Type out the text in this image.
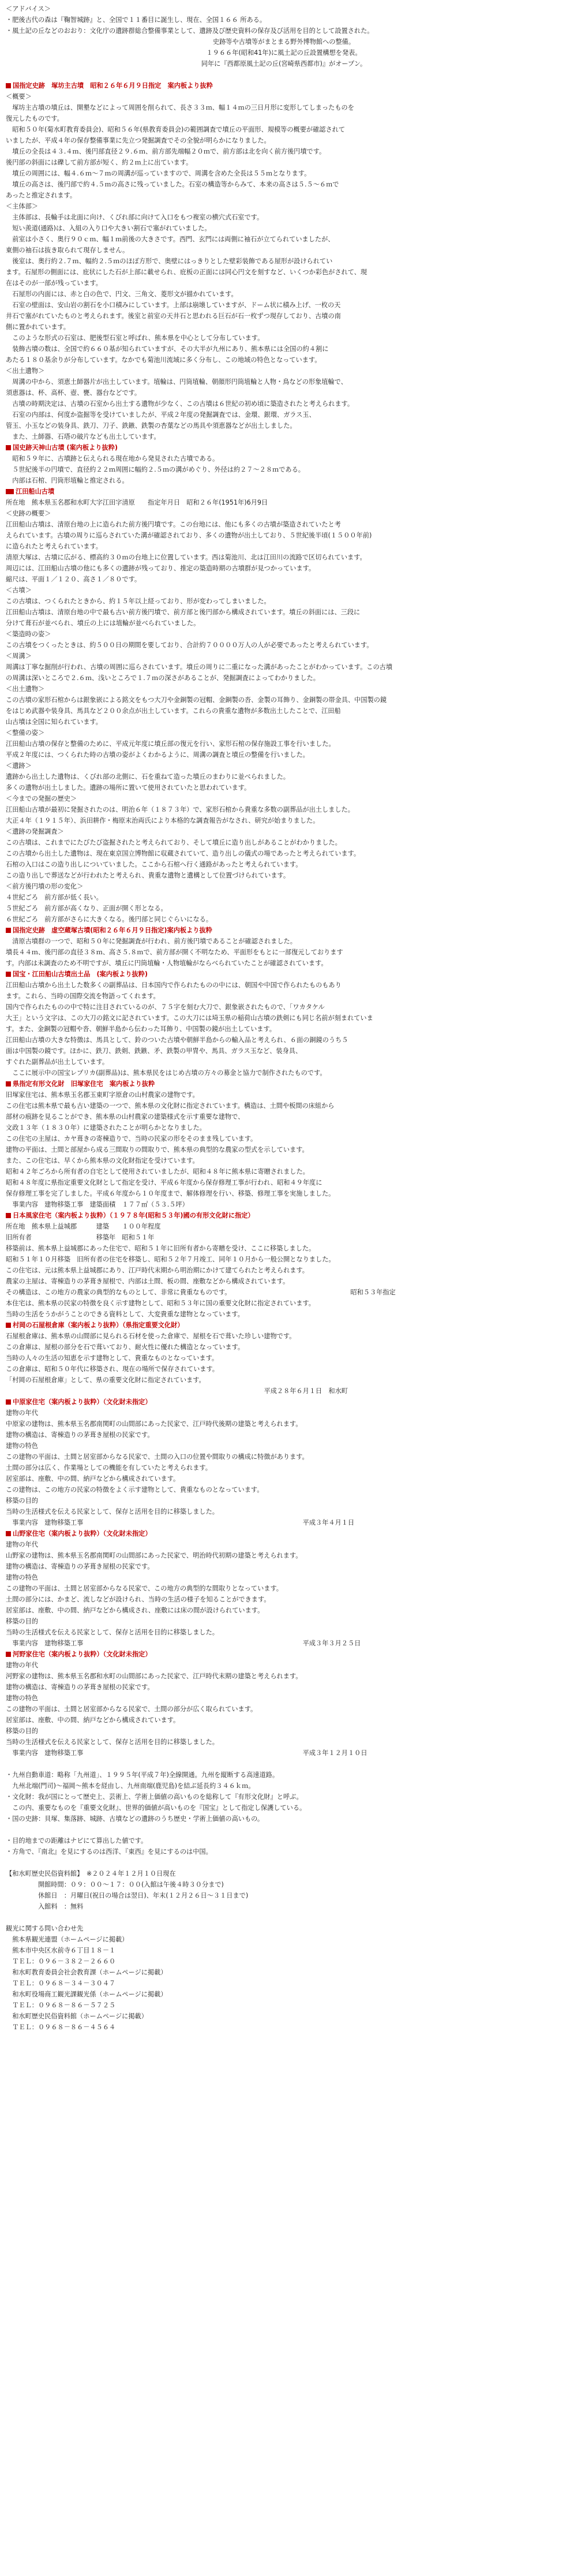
＜アドバイス＞
・肥後古代の森は『鞠智城跡』と、全国で１１番目に誕生し、現在、全国１６６ 所ある。
・風土記の丘などのおおり：文化庁の遺跡群総合整備事業として、遺跡及び歴史資料の保存及び活用を目的として設置された。
史跡等や古墳等がまとまる野外博物館への整備。
１９６６年(昭和41年)に風土記の丘設置構想を発表。
同年に『西都原風土記の丘(宮崎県西都市)』がオープン。
国指定史跡　塚坊主古墳　昭和２６年６月９日指定　案内板より抜粋
＜概要＞
　塚坊主古墳の墳丘は、開墾などによって周囲を削られて、長さ３３ｍ、幅１４ｍの三日月形に変形してしまったものを
復元したものです。
　昭和５０年(菊水町教育委員会)、昭和５６年(県教育委員会)の範囲調査で墳丘の平面形、規模等の概要が確認されて
いましたが、平成４年の保存整備事業に先立つ発掘調査でその全貌が明らかになりました。
　墳丘の全長は４３.４ｍ、後円部直径２９.６ｍ、前方部先端幅２０ｍで、前方部は北を向く前方後円墳です。
後円部の斜面には礫して前方部が短く、約２ｍ上に出ています。
　墳丘の周囲には、幅４.６ｍ～７ｍの周溝が巡っていますので、周溝を含めた全長は５５ｍとなります。
　墳丘の高さは、後円部で約４.５ｍの高さに残っていました。石室の構造等からみて、本来の高さは５.５～６ｍで
あったと推定されます。
＜主体部＞
　主体部は、長輪手は北面に向け、くびれ部に向けて入口をもつ複室の横穴式石室です。
　短い羨道(通路)は、入組の入り口や大きい割石で塞がれていました。
　前室は小さく、奥行９０ｃｍ、幅１ｍ前後の大きさです。西門、玄門には両側に袖石が立てられていましたが、
東側の袖石は抜き取られて現存しません。
　後室は、奥行約２.７ｍ、幅約２.５ｍのほぼ方形で、奥壁にはっきりとした壁彩装飾である屋形が設けられてい
ます。石屋形の側面には、庇状にした石が上部に載せられ、庇板の正面には同心円文を刻すなど、いくつか彩色がされて、現
在はそのが一部が残っています。
　石屋形の内面には、赤と白の色で、円文、三角文、菱形文が描かれています。
　石室の壁面は、安山岩の割石を小口積みにしています。上部は崩壊していますが、ドーム状に積み上げ、一枚の天
井石で塞がれていたものと考えられます。後室と前室の天井石と思われる巨石が石一枚ずつ現存しており、古墳の南
側に置かれています。
　このような形式の石室は、肥後型石室と呼ばれ、熊本県を中心として分布しています。
　装飾古墳の数は、全国で約６６０基が知られていますが、その大半が九州にあり、熊本県には全国の約４割に
あたる１８０基余りが分布しています。なかでも菊池川流域に多く分布し、この地域の特色となっています。
＜出土遺物＞
　周溝の中から、須恵土師器片が出土しています。埴輪は、円筒埴輪、朝顔形円筒埴輪と人物・鳥などの形象埴輪で、
須恵器は、杯、高杯、壺、甕、器台などです。
　古墳の時期決定は、古墳の石室から出土する遺物が少なく、この古墳は６世紀の初め頃に築造されたと考えられます。
　石室の内部は、何度か盗掘等を受けていましたが、平成２年度の発掘調査では、金環、銀環、ガラス玉、
管玉、小玉などの装身具、鉄刀、刀子、鉄鏃、鉄製の杏葉などの馬具や須恵器などが出土しました。
　また、土師器、石塔の破片なども出土しています。
国史跡天神山古墳 (案内板より抜粋)
　昭和５９年に、古墳跡と伝えられる現在地から発見された古墳である。
　５世紀後半の円墳で、直径約２２ｍ周囲に幅約２.５ｍの溝がめぐり、外径は約２７～２８ｍである。
　内部は石棺、円筒形埴輪と推定される。
江田船山古墳
所在地　熊本県玉名郡和水町大字江田字清原　　指定年月日　昭和２６年(1951年)6月9日
＜史跡の概要＞
江田船山古墳は、清原台地の上に造られた前方後円墳です。この台地には、他にも多くの古墳が築造されていたと考
えられています。古墳の周りに巡らされていた溝が確認されており、多くの遺物が出土しており、５世紀後半頃(１５００年前)
に造られたと考えられています。
清原大塚は、古墳に広がる、標高約３０ｍの台地上に位置しています。西は菊池川、北は江田川の流路で区切られています。
周辺には、江田船山古墳の他にも多くの遺跡が残っており、推定の築造時期の古墳群が見つかっています。
縮尺は、平面１／１２０、高さ１／８０です。
＜古墳＞
この古墳は、つくられたときから、約１５年以上経っており、形が変わってしまいました。
江田船山古墳は、清原台地の中で最も古い前方後円墳で、前方部と後円部から構成されています。墳丘の斜面には、三段に
分けて葺石が並べられ、墳丘の上には埴輪が並べられていました。
＜築造時の姿＞
この古墳をつくったときは、約５００日の期間を要しており、合計約７００００万人の人が必要であったと考えられています。
＜周溝＞
周溝は丁寧な掘削が行われ、古墳の周囲に巡らされています。墳丘の周りに二重になった溝があったことがわかっています。この古墳
の周溝は深いところで２.６ｍ、浅いところで１.７ｍの深さがあることが、発掘調査によってわかりました。
＜出土遺物＞
この古墳の家形石棺からは銀象嵌による銘文をもつ大刀や金銅製の冠帽、金銅製の沓、金製の耳飾り、金銅製の帯金具、中国製の鏡
をはじめ武器や装身具、馬具など２００余点が出土しています。これらの貴重な遺物が多数出土したことで、江田船
山古墳は全国に知られています。
＜整備の姿＞
江田船山古墳の保存と整備のために、平成元年度に墳丘部の復元を行い、家形石棺の保存施設工事を行いました。
平成２年度には、つくられた時の古墳の姿がよくわかるように、周溝の調査と墳丘の整備を行いました。
＜遺跡＞
遺跡から出土した遺物は、くびれ部の北側に、石を重ねて造った墳丘のまわりに並べられました。
多くの遺物が出土しました。遺跡の場所に置いて使用されていたと思われています。
＜今までの発掘の歴史＞
江田船山古墳が最初に発掘されたのは、明治６年（１８７３年）で、家形石棺から貴重な多数の副葬品が出土しました。
大正４年（１９１５年）、浜田耕作・梅原末治両氏により本格的な調査報告がなされ、研究が始まりました。
＜遺跡の発掘調査＞
この古墳は、これまでにたびたび盗掘されたと考えられており、そして墳丘に造り出しがあることがわかりました。
この古墳から出土した遺物は、現在東京国立博物館に収蔵されていて、造り出しの儀式の場であったと考えられています。
石棺の入口はこの造り出しについていました。ここから石棺へ行く通路があったと考えられています。
この造り出しで葬送などが行われたと考えられ、貴重な遺物と遺構として位置づけられています。
＜前方後円墳の形の変化＞
４世紀ごろ　前方部が低く長い。
５世紀ごろ　前方部が高くなり、正面が開く形となる。
６世紀ごろ　前方部がさらに大きくなる。後円部と同じぐらいになる。
国指定史跡　虚空蔵塚古墳(昭和２６年６月９日指定)案内板より抜粋
　清原古墳群の一つで、昭和５０年に発掘調査が行われ、前方後円墳であることが確認されました。
墳長４４ｍ、後円部の直径３８ｍ、高さ５.８ｍで、前方部が開く不明なため、平面形をもとに一部復元しております
す。内部は未調査のため不明ですが、墳丘に円筒埴輪・人物埴輪がならべられていたことが確認されています。
国宝・江田船山古墳出土品　(案内板より抜粋)
江田船山古墳から出土した数多くの副葬品は、日本国内で作られたものの中には、朝国や中国で作られたものもあり
ます。これら、当時の国際交流を物語ってくれます。
国内で作られたものの中で特に注目されているのが、７５字を刻む大刀で、銀象嵌されたもので、「ワカタケル
大王」という文字は、この大刀の銘文に記されています。この大刀には埼玉県の稲荷山古墳の鉄剣にも同じ名前が刻まれていま
す。また、金銅製の冠帽や沓、朝鮮半島から伝わった耳飾り、中国製の鏡が出土しています。
江田船山古墳の大きな特徴は、馬具として、鈴のついた古墳や朝鮮半島からの輸入品と考えられ、６面の銅鏡のうち５
面は中国製の鏡です。ほかに、鉄刀、鉄剣、鉄鏃、矛、鉄製の甲冑や、馬具、ガラス玉など、装身具、
すぐれた副葬品が出土しています。
　ここに展示中の国宝レプリカ(副葬品)は、熊本県民をはじめ古墳の方々の募金と協力で制作されたものです。
県指定有形文化財　旧塚家住宅　案内板より抜粋
旧塚家住宅は、熊本県玉名郡玉東町字原倉の山村農家の建物です。
この住宅は熊本県で最も古い建築の一つで、熊本県の文化財に指定されています。構造は、土間や板間の床組から
部材の痕跡を見ることができ、熊本県の山村農家の建築様式を示す重要な建物で、
文政１３年（１８３０年）に建築されたことが明らかとなりました。
この住宅の主屋は、カヤ葺きの寄棟造りで、当時の民家の形をそのまま残しています。
建物の平面は、土間と部屋から成る三間取りの間取りで、熊本県の典型的な農家の型式を示しています。
また、この住宅は、早くから熊本県の文化財指定を受けています。
昭和４２年ごろから所有者の自宅として使用されていましたが、昭和４８年に熊本県に寄贈されました。
昭和４８年度に県指定重要文化財として指定を受け、平成６年度から保存修理工事が行われ、昭和４９年度に
保存修理工事を完了しました。平成６年度から１０年度まで、解体修理を行い、移築、修理工事を実施しました。
　事業内容　建物移築工事　建築面積　１７７㎡（５３.５坪）
日本風家住宅（案内板より抜粋）（１９７８年(昭和５３年)國の有形文化財に指定）
所在地　熊本県上益城郡　　　建築　　１００年程度
旧所有者　　　　　　　　　　移築年　昭和５１年
移築前は、熊本県上益城郡にあった住宅で、昭和５１年に旧所有者から寄贈を受け、ここに移築しました。
昭和５１年１０月移築　旧所有者の住宅を移築し、昭和５２年７月竣工、同年１０月から一般公開となりました。
この住宅は、元は熊本県上益城郡にあり、江戸時代末期から明治期にかけて建てられたと考えられます。
農家の主屋は、寄棟造りの茅葺き屋根で、内部は土間、板の間、座敷などから構成されています。
その構造は、この地方の農家の典型的なものとして、非常に貴重なものです。　　　　　　　　　　　　　　　　　　　昭和５３年指定
本住宅は、熊本県の民家の特徴を良く示す建物として、昭和５３年に国の重要文化財に指定されています。
当時の生活をうかがうことのできる資料として、大変貴重な建物となっています。
村岡の石屋根倉庫（案内板より抜粋）（県指定重要文化財）
石屋根倉庫は、熊本県の山間部に見られる石材を使った倉庫で、屋根を石で葺いた珍しい建物です。
この倉庫は、屋根の部分を石で葺いており、耐火性に優れた構造となっています。
当時の人々の生活の知恵を示す建物として、貴重なものとなっています。
この倉庫は、昭和５０年代に移築され、現在の場所で保存されています。
「村岡の石屋根倉庫」として、県の重要文化財に指定されています。
　　　　　　　　　　　　　　　　　　　　　　　　　　　　　　　　　　　　　　　　平成２８年６月１日　和水町
中原家住宅（案内板より抜粋）（文化財未指定）
建物の年代
中原家の建物は、熊本県玉名郡南関町の山間部にあった民家で、江戸時代後期の建築と考えられます。
建物の構造は、寄棟造りの茅葺き屋根の民家です。
建物の特色
この建物の平面は、土間と居室部からなる民家で、土間の入口の位置や間取りの構成に特徴があります。
土間の部分は広く、作業場としての機能を有していたと考えられます。
居室部は、座敷、中の間、納戸などから構成されています。
この建物は、この地方の民家の特徴をよく示す建物として、貴重なものとなっています。
移築の目的
当時の生活様式を伝える民家として、保存と活用を目的に移築しました。
　事業内容　建物移築工事　　　　　　　　　　　　　　　　　　　　　　　　　　　　　　　　　　平成３年４月１日
山野家住宅（案内板より抜粋）（文化財未指定）
建物の年代
山野家の建物は、熊本県玉名郡南関町の山間部にあった民家で、明治時代初期の建築と考えられます。
建物の構造は、寄棟造りの茅葺き屋根の民家です。
建物の特色
この建物の平面は、土間と居室部からなる民家で、この地方の典型的な間取りとなっています。
土間の部分には、かまど、流しなどが設けられ、当時の生活の様子を知ることができます。
居室部は、座敷、中の間、納戸などから構成され、座敷には床の間が設けられています。
移築の目的
当時の生活様式を伝える民家として、保存と活用を目的に移築しました。
　事業内容　建物移築工事　　　　　　　　　　　　　　　　　　　　　　　　　　　　　　　　　　平成３年３月２５日
河野家住宅（案内板より抜粋）（文化財未指定）
建物の年代
河野家の建物は、熊本県玉名郡和水町の山間部にあった民家で、江戸時代末期の建築と考えられます。
建物の構造は、寄棟造りの茅葺き屋根の民家です。
建物の特色
この建物の平面は、土間と居室部からなる民家で、土間の部分が広く取られています。
居室部は、座敷、中の間、納戸などから構成されています。
移築の目的
当時の生活様式を伝える民家として、保存と活用を目的に移築しました。
　事業内容　建物移築工事　　　　　　　　　　　　　　　　　　　　　　　　　　　　　　　　　　平成３年１２月１０日
・九州自動車道：略称「九州道」、１９９５年(平成７年)全線開通。九州を縦断する高速道路。
　九州北端(門司)～福岡～熊本を経由し、九州南端(鹿児島)を結ぶ延長約３４６ｋｍ。
・文化財：我が国にとって歴史上、芸術上、学術上価値の高いものを総称して『有形文化財』と呼ぶ。
　この内、重要なものを『重要文化財』、世界的価値が高いものを『国宝』として指定し保護している。
・国の史跡：貝塚、集落跡、城跡、古墳などの遺跡のうち歴史・学術上価値の高いもの。
・目的地までの距離はナビにて算出した値です。
・方角で、『南北』を見にするのは西洋、『東西』を見にするのは中国。
【和水町歴史民俗資料館】　※２０２４年１２月１０日現在
　　　　　開館時間：０９：００～１７：００(入館は午後４時３０分まで)
　　　　　休館日　：月曜日(祝日の場合は翌日)、年末(１２月２６日～３１日まで)
　　　　　入館料　：無料
観光に関する問い合わせ先
　熊本県観光連盟（ホームページに掲載）
　熊本市中央区水前寺６丁目１８－１
　ＴＥＬ：０９６－３８２－２６６０
　和水町教育委員会社会教育課（ホームページに掲載）
　ＴＥＬ：０９６８－３４－３０４７
　和水町役場商工観光課観光係（ホームページに掲載）
　ＴＥＬ：０９６８－８６－５７２５
　和水町歴史民俗資料館（ホームページに掲載）
　ＴＥＬ：０９６８－８６－４５６４
